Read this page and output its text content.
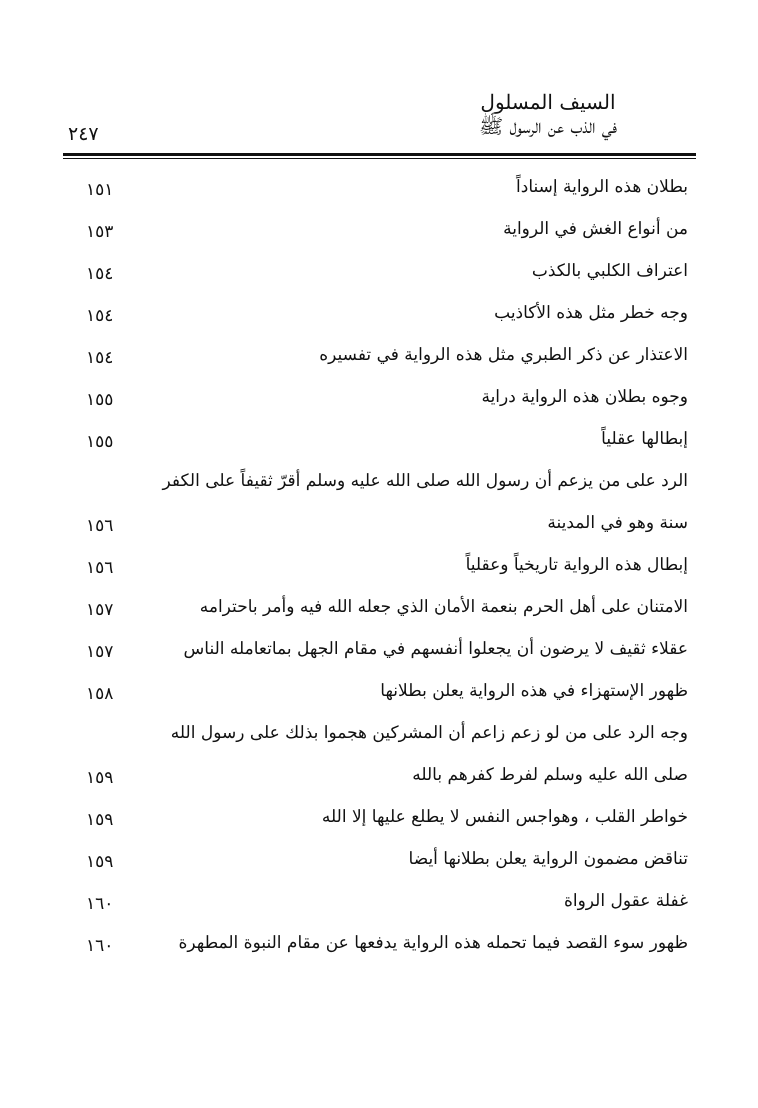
٢٤٧
السيف المسلول
في الذب عن الرسول ﷺ
بطلان هذه الرواية إسناداً
١٥١
من أنواع الغش في الرواية
١٥٣
اعتراف الكلبي بالكذب
١٥٤
وجه خطر مثل هذه الأكاذيب
١٥٤
الاعتذار عن ذكر الطبري مثل هذه الرواية في تفسيره
١٥٤
وجوه بطلان هذه الرواية دراية
١٥٥
إبطالها عقلياً
١٥٥
الرد على من يزعم أن رسول الله صلى الله عليه وسلم أقرّ ثقيفاً على الكفر
سنة وهو في المدينة
١٥٦
إبطال هذه الرواية تاريخياً وعقلياً
١٥٦
الامتنان على أهل الحرم بنعمة الأمان الذي جعله الله فيه وأمر باحترامه
١٥٧
عقلاء ثقيف لا يرضون أن يجعلوا أنفسهم في مقام الجهل بماتعامله الناس
١٥٧
ظهور الإستهزاء في هذه الرواية يعلن بطلانها
١٥٨
وجه الرد على من لو زعم زاعم أن المشركين هجموا بذلك على رسول الله
صلى الله عليه وسلم لفرط كفرهم بالله
١٥٩
خواطر القلب ، وهواجس النفس لا يطلع عليها إلا الله
١٥٩
تناقض مضمون الرواية يعلن بطلانها أيضا
١٥٩
غفلة عقول الرواة
١٦٠
ظهور سوء القصد فيما تحمله هذه الرواية يدفعها عن مقام النبوة المطهرة
١٦٠
